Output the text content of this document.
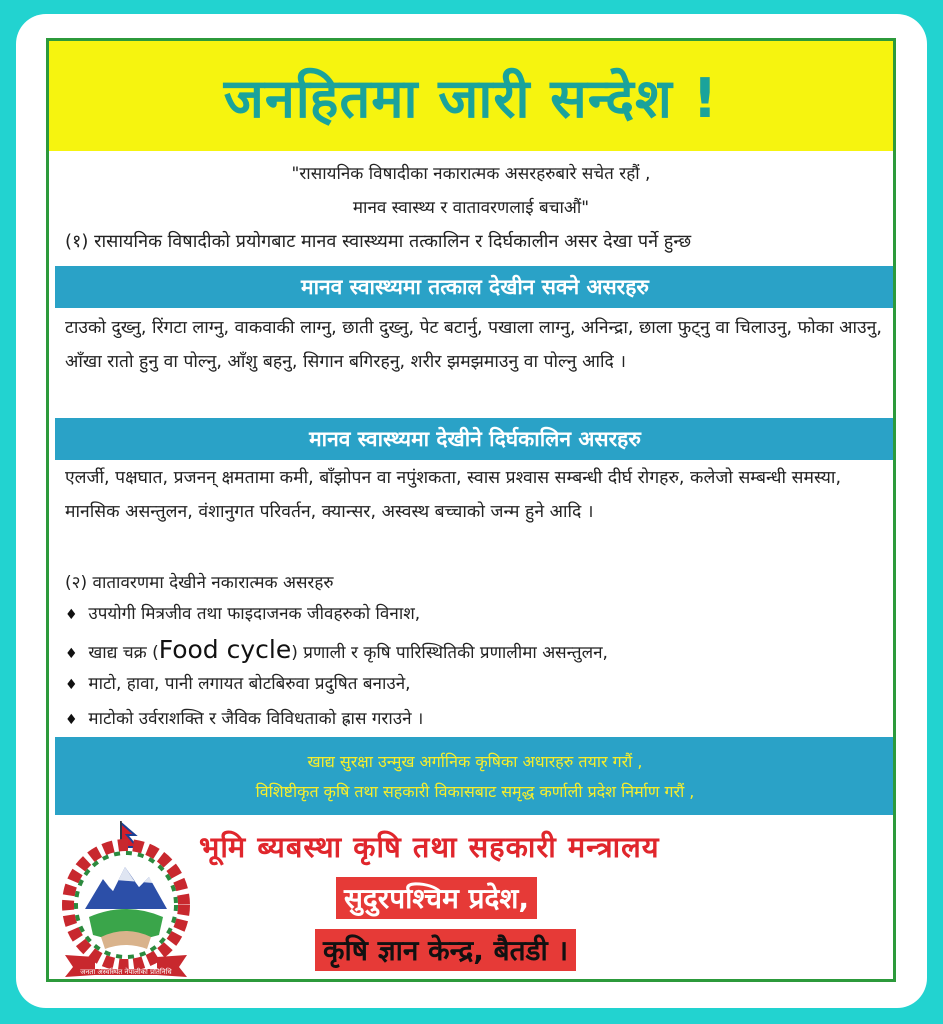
जनहितमा जारी सन्देश !
"रासायनिक विषादीका नकारात्मक असरहरुबारे सचेत रहौं ,
मानव स्वास्थ्य र वातावरणलाई बचाऔं"
(१) रासायनिक विषादीको प्रयोगबाट मानव स्वास्थ्यमा तत्कालिन र दिर्घकालीन असर देखा पर्ने हुन्छ
मानव स्वास्थ्यमा तत्काल देखीन सक्ने असरहरु
टाउको दुख्नु, रिंगटा लाग्नु, वाकवाकी लाग्नु, छाती दुख्नु, पेट बटार्नु, पखाला लाग्नु, अनिन्द्रा, छाला फुट्नु वा चिलाउनु, फोका आउनु, आँखा रातो हुनु वा पोल्नु, आँशु बहनु, सिगान बगिरहनु, शरीर झमझमाउनु वा पोल्नु आदि ।
मानव स्वास्थ्यमा देखीने दिर्घकालिन असरहरु
एलर्जी, पक्षघात, प्रजनन् क्षमतामा कमी, बाँझोपन वा नपुंशकता, स्वास प्रश्वास सम्बन्धी दीर्घ रोगहरु, कलेजो सम्बन्धी समस्या, मानसिक असन्तुलन, वंशानुगत परिवर्तन, क्यान्सर, अस्वस्थ बच्चाको जन्म हुने आदि ।
(२) वातावरणमा देखीने नकारात्मक असरहरु
♦ उपयोगी मित्रजीव तथा फाइदाजनक जीवहरुको विनाश,
♦ खाद्य चक्र (Food cycle) प्रणाली र कृषि पारिस्थितिकी प्रणालीमा असन्तुलन,
♦ माटो, हावा, पानी लगायत बोटबिरुवा प्रदुषित बनाउने,
♦ माटोको उर्वराशक्ति र जैविक विविधताको ह्रास गराउने ।
खाद्य सुरक्षा उन्मुख अर्गानिक कृषिका अधारहरु तयार गरौं ,
विशिष्टीकृत कृषि तथा सहकारी विकासबाट समृद्ध कर्णाली प्रदेश निर्माण गरौं ,
जनता अस्वस्थित नेपालीको प्रतिनिधि
भूमि ब्यबस्था कृषि तथा सहकारी मन्त्रालय
सुदुरपश्चिम प्रदेश,
कृषि ज्ञान केन्द्र, बैतडी ।
